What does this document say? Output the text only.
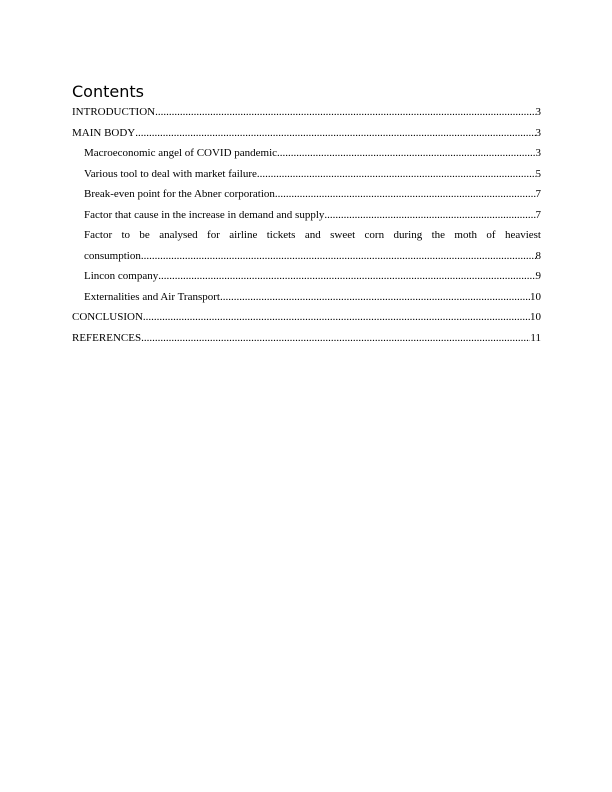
Contents
INTRODUCTION .....	3
MAIN BODY .....	3
Macroeconomic angel of COVID pandemic .....	3
Various tool to deal with market failure .....	5
Break-even point for the Abner corporation .....	7
Factor that cause in the increase in demand and supply .....	7
Factor to be analysed for airline tickets and sweet corn during the moth of heaviest
consumption .....	8
Lincon company .....	9
Externalities and Air Transport .....	10
CONCLUSION .....	10
REFERENCES .....	11
